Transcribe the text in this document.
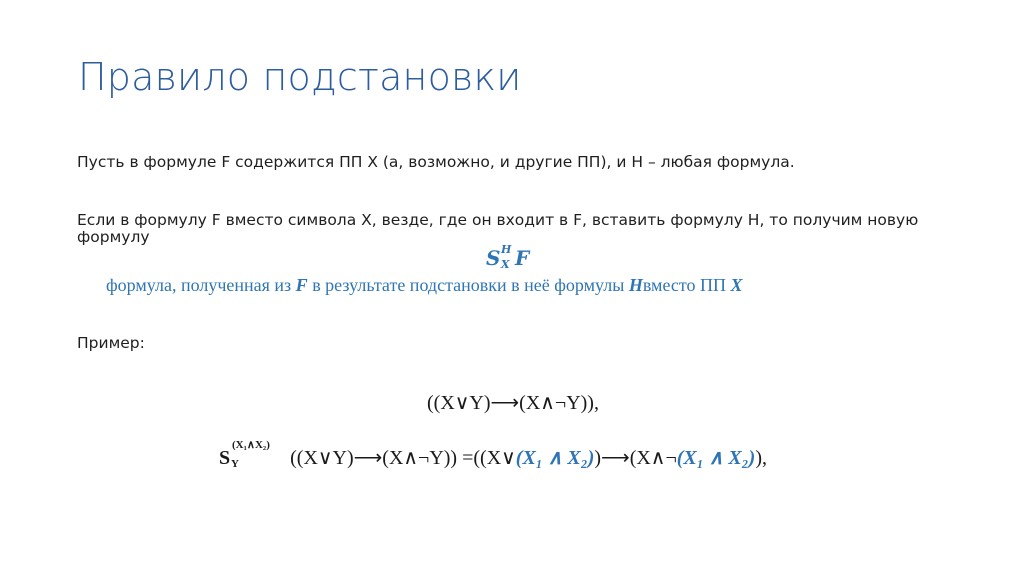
Правило подстановки
Пусть в формуле F содержится ПП X (а, возможно, и другие ПП), и H – любая формула.
Если в формулу F вместо символа X, везде, где он входит в F, вставить формулу H, то получим новую формулу
S H
X F
формула, полученная из F в результате подстановки в неё формулы Hвместо ПП X
Пример:
((X∨Y)⟶(X∧¬Y)),
S
(X₁∧X₂)
Y	((X∨Y)⟶(X∧¬Y)) =((X∨(X₁ ∧ X₂))⟶(X∧¬(X₁ ∧ X₂)),
